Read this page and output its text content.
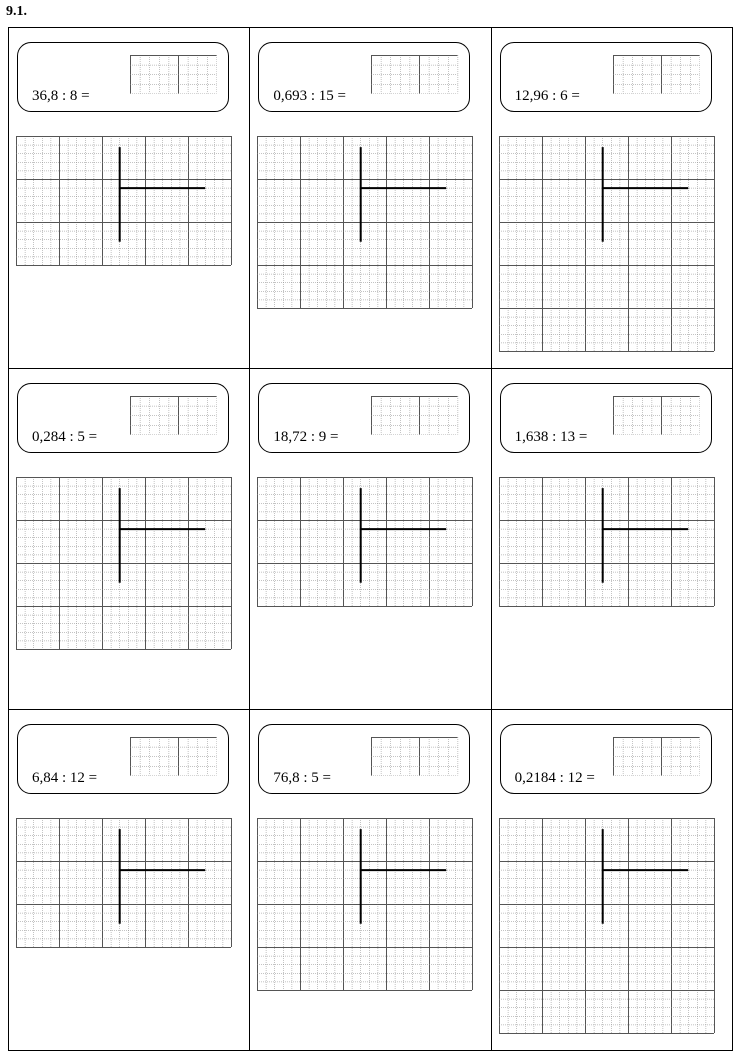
9.1.
36,8 : 8 =	0,693 : 15 =	12,96 : 6 =

0,284 : 5 =	18,72 : 9 =	1,638 : 13 =

6,84 : 12 =	76,8 : 5 =	0,2184 : 12 =
